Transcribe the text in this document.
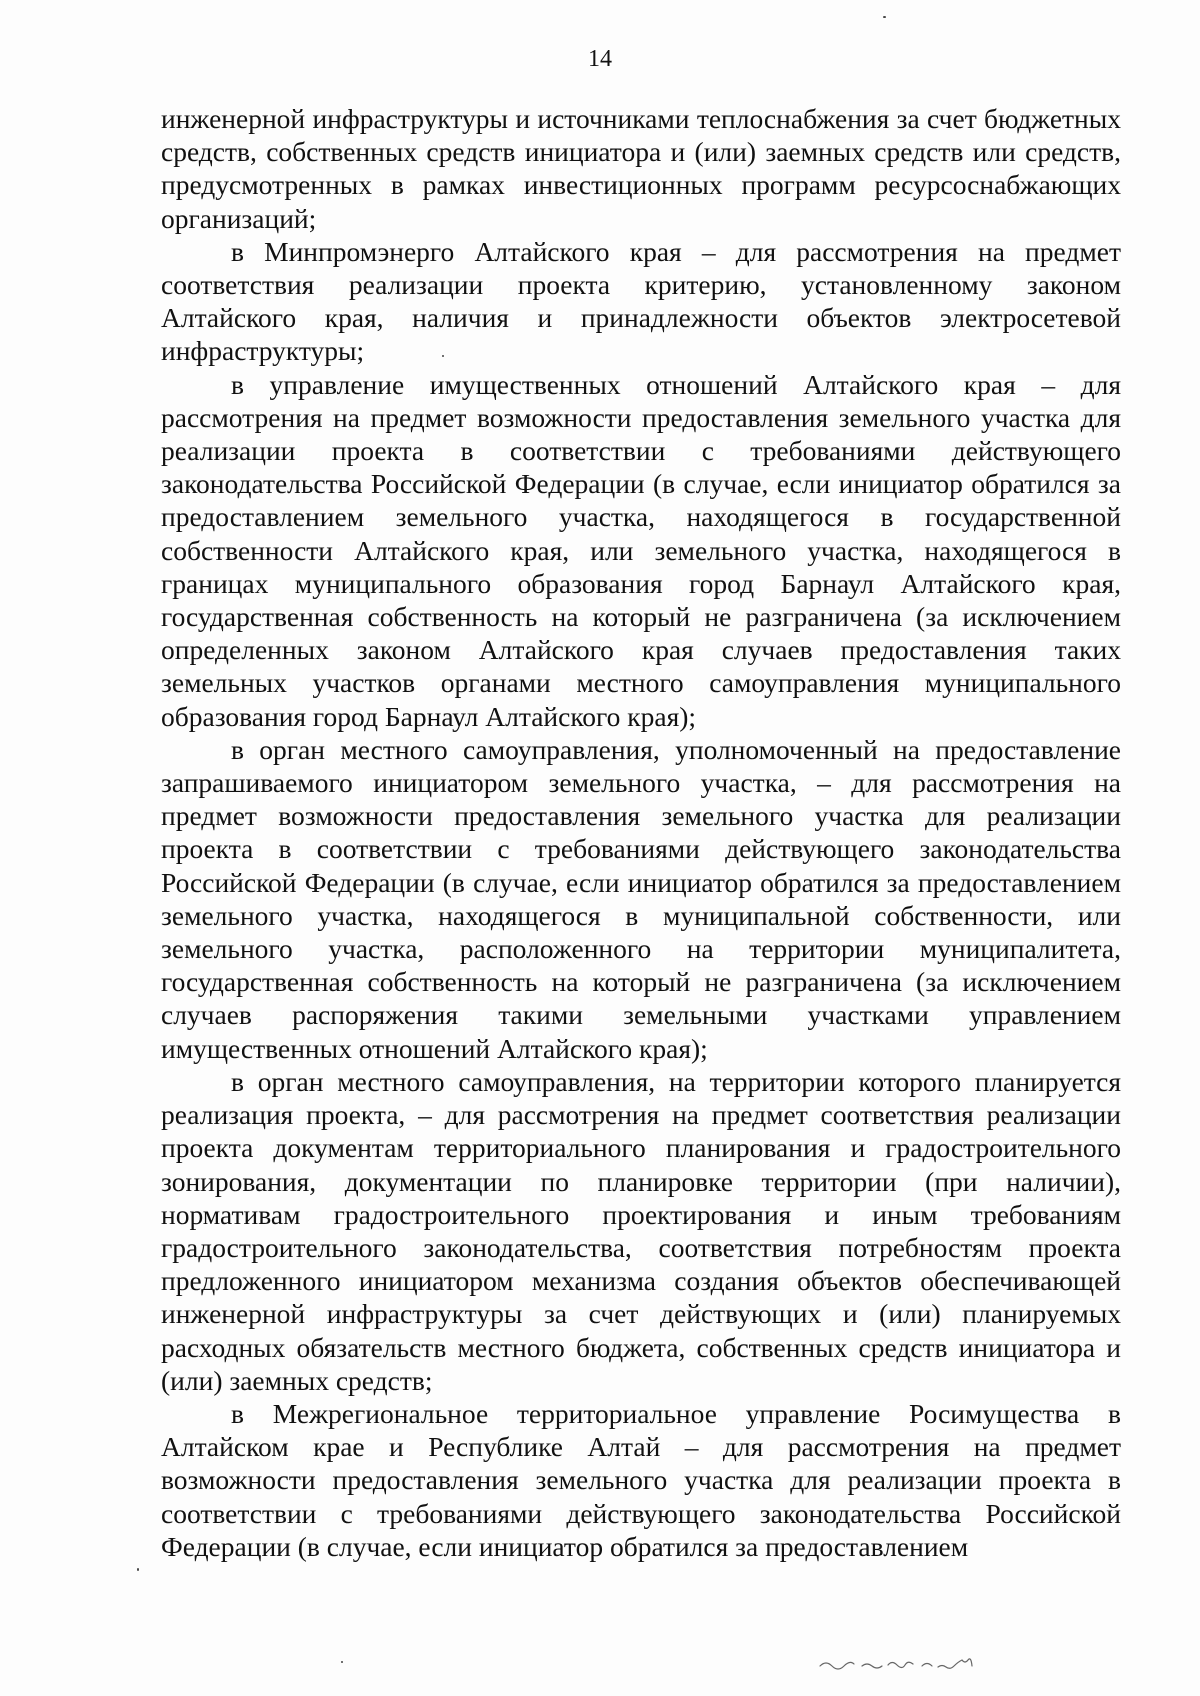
14

инженерной инфраструктуры и источниками теплоснабжения за счет бюджетных средств, собственных средств инициатора и (или) заемных средств или средств, предусмотренных в рамках инвестиционных программ ресурсоснабжающих организаций;

в Минпромэнерго Алтайского края – для рассмотрения на предмет соответствия реализации проекта критерию, установленному законом Алтайского края, наличия и принадлежности объектов электросетевой инфраструктуры;

в управление имущественных отношений Алтайского края – для рассмотрения на предмет возможности предоставления земельного участка для реализации проекта в соответствии с требованиями действующего законодательства Российской Федерации (в случае, если инициатор обратился за предоставлением земельного участка, находящегося в государственной собственности Алтайского края, или земельного участка, находящегося в границах муниципального образования город Барнаул Алтайского края, государственная собственность на который не разграничена (за исключением определенных законом Алтайского края случаев предоставления таких земельных участков органами местного самоуправления муниципального образования город Барнаул Алтайского края);

в орган местного самоуправления, уполномоченный на предоставление запрашиваемого инициатором земельного участка, – для рассмотрения на предмет возможности предоставления земельного участка для реализации проекта в соответствии с требованиями действующего законодательства Российской Федерации (в случае, если инициатор обратился за предоставлением земельного участка, находящегося в муниципальной собственности, или земельного участка, расположенного на территории муниципалитета, государственная собственность на который не разграничена (за исключением случаев распоряжения такими земельными участками управлением имущественных отношений Алтайского края);

в орган местного самоуправления, на территории которого планируется реализация проекта, – для рассмотрения на предмет соответствия реализации проекта документам территориального планирования и градостроительного зонирования, документации по планировке территории (при наличии), нормативам градостроительного проектирования и иным требованиям градостроительного законодательства, соответствия потребностям проекта предложенного инициатором механизма создания объектов обеспечивающей инженерной инфраструктуры за счет действующих и (или) планируемых расходных обязательств местного бюджета, собственных средств инициатора и (или) заемных средств;

в Межрегиональное территориальное управление Росимущества в Алтайском крае и Республике Алтай – для рассмотрения на предмет возможности предоставления земельного участка для реализации проекта в соответствии с требованиями действующего законодательства Российской Федерации (в случае, если инициатор обратился за предоставлением
